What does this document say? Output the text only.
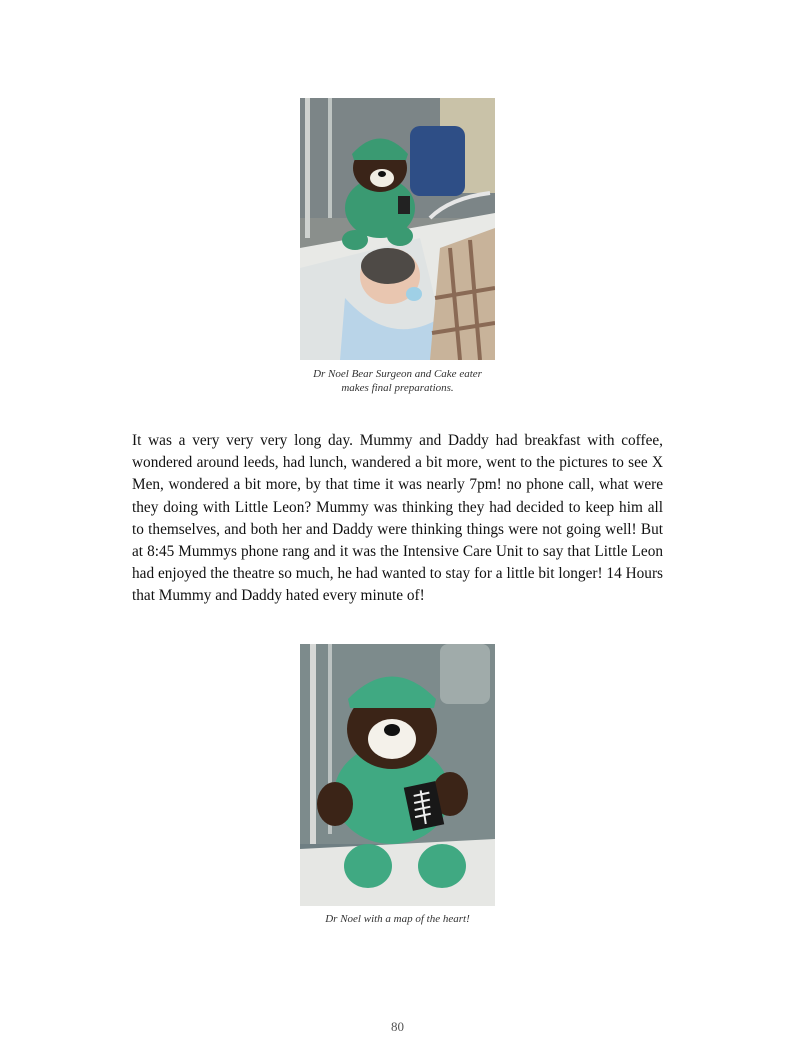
Dr Noel Bear Surgeon and Cake eater
makes final preparations.

It was a very very very long day. Mummy and Daddy had breakfast with coffee, wondered around leeds, had lunch, wandered a bit more, went to the pictures to see X Men, wondered a bit more, by that time it was nearly 7pm! no phone call, what were they doing with Little Leon? Mummy was thinking they had decided to keep him all to themselves, and both her and Daddy were thinking things were not going well! But at 8:45 Mummys phone rang and it was the Intensive Care Unit to say that Little Leon had enjoyed the theatre so much, he had wanted to stay for a little bit longer! 14 Hours that Mummy and Daddy hated every minute of!

Dr Noel with a map of the heart!
80
